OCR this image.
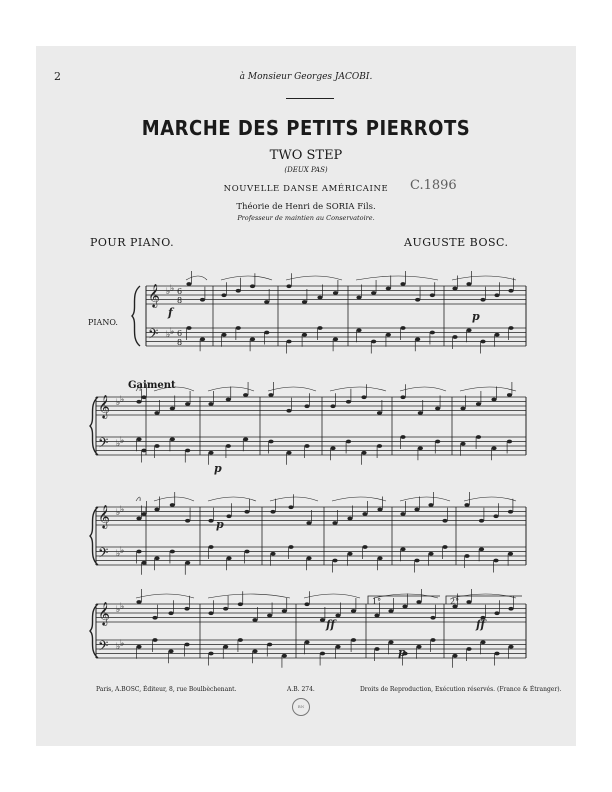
2	à Monsieur Georges JACOBI.
MARCHE DES PETITS PIERROTS
TWO STEP
(DEUX PAS)
NOUVELLE DANSE AMÉRICAINE	C.1896
Théorie de Henri de SORIA Fils.
Professeur de maintien au Conservatoire.
POUR PIANO.	AUGUSTE BOSC.
PIANO.
Gaiment
𝄞
𝄢
♭ ♭
♭ ♭
6
8
6
8
𝄞
𝄢
♭ ♭
♭ ♭
𝄞
𝄢
♭ ♭
♭ ♭
𝄞
𝄢
♭ ♭
♭ ♭
f	p
p
p
ff
p
ff
1°	2°
Paris, A.BOSC, Éditeur, 8, rue Boulbèchenant.	A.B. 274.	Droits de Reproduction, Exécution réservés. (France & Étranger).
BN
